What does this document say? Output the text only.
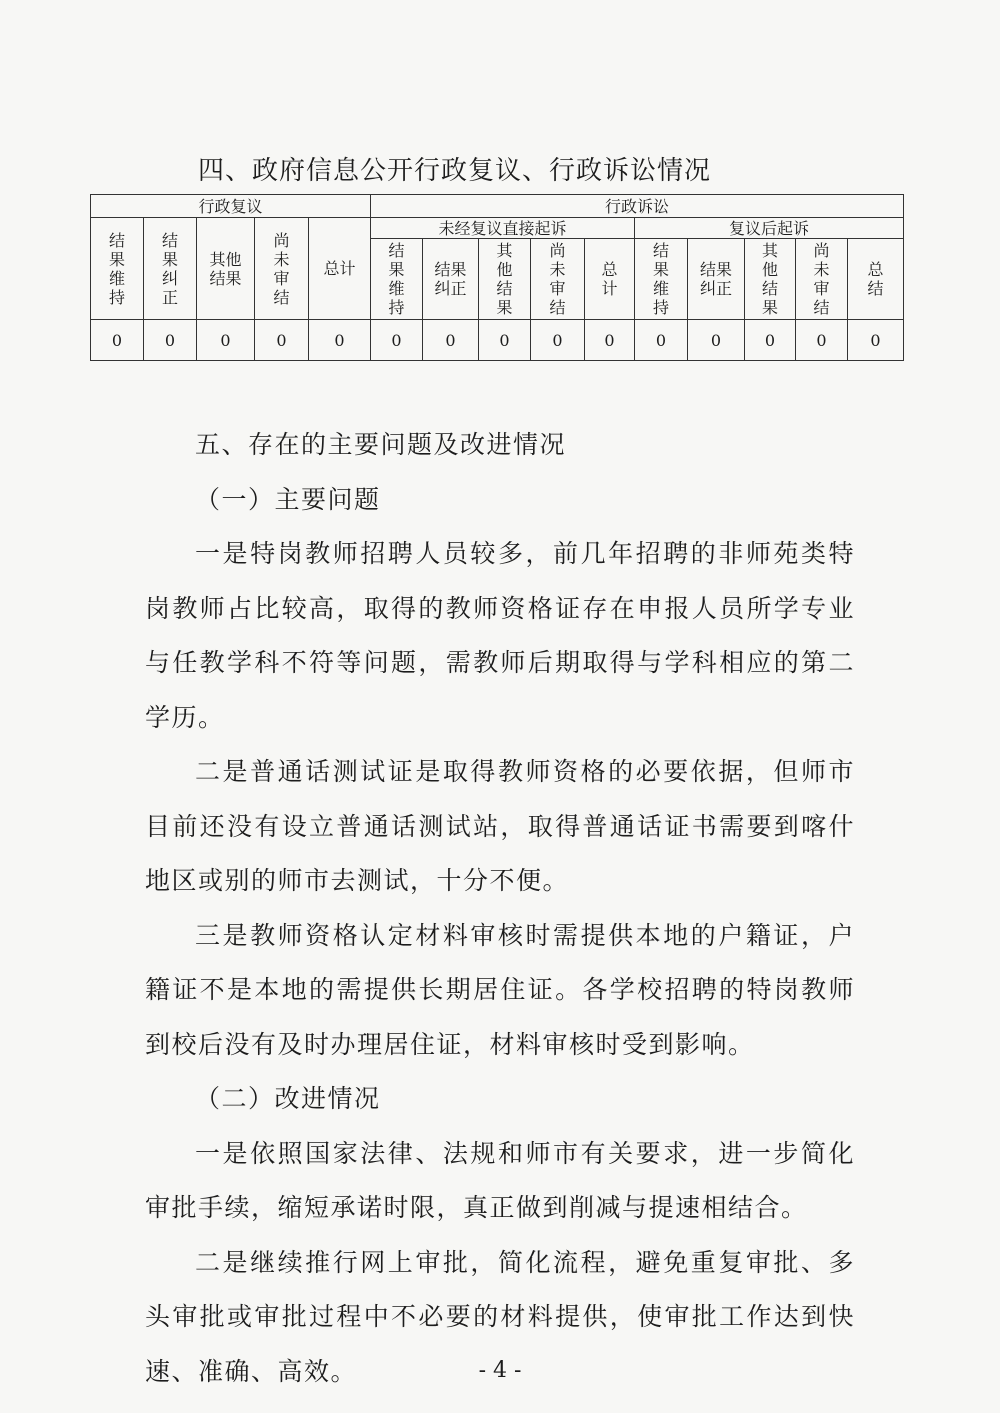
四、政府信息公开行政复议、行政诉讼情况
行政复议					行政诉讼									
结果维持	结果纠正	其他结果	尚未审结	总计	未经复议直接起诉					复议后起诉				
					结果维持	结果纠正	其他结果	尚未审结	总计	结果维持	结果纠正	其他结果	尚未审结	总结
0	0	0	0	0	0	0	0	0	0	0	0	0	0	0
五、存在的主要问题及改进情况
（一）主要问题

一是特岗教师招聘人员较多，前几年招聘的非师苑类特岗教师占比较高，取得的教师资格证存在申报人员所学专业与任教学科不符等问题，需教师后期取得与学科相应的第二学历。

二是普通话测试证是取得教师资格的必要依据，但师市目前还没有设立普通话测试站，取得普通话证书需要到喀什地区或别的师市去测试，十分不便。

三是教师资格认定材料审核时需提供本地的户籍证，户籍证不是本地的需提供长期居住证。各学校招聘的特岗教师到校后没有及时办理居住证，材料审核时受到影响。

（二）改进情况

一是依照国家法律、法规和师市有关要求，进一步简化审批手续，缩短承诺时限，真正做到削减与提速相结合。

二是继续推行网上审批，简化流程，避免重复审批、多头审批或审批过程中不必要的材料提供，使审批工作达到快速、准确、高效。	- 4 -
